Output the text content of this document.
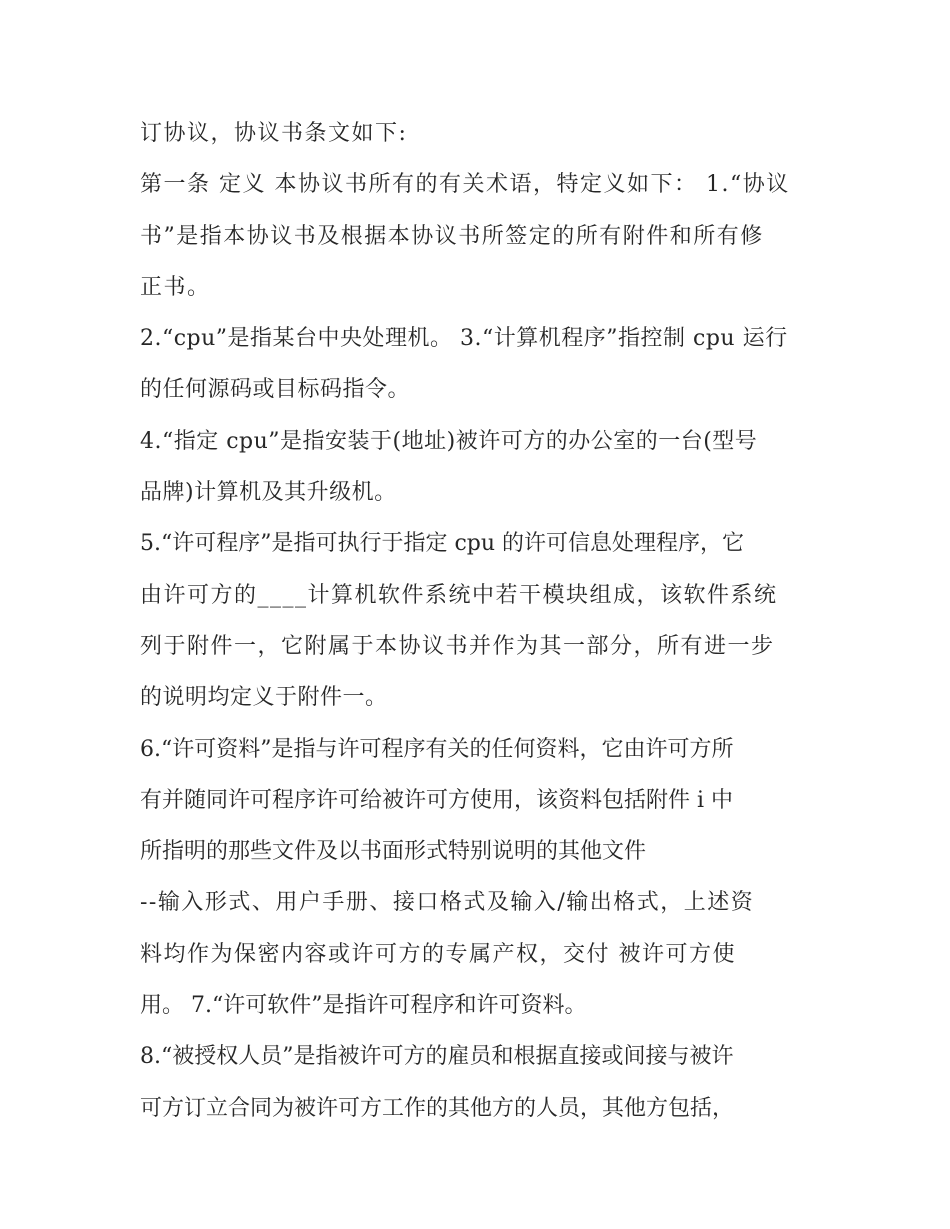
订协议，协议书条文如下:
第一条 定义 本协议书所有的有关术语，特定义如下： 1.“协议
书”是指本协议书及根据本协议书所签定的所有附件和所有修
正书。
2.“cpu”是指某台中央处理机。 3.“计算机程序”指控制 cpu 运行
的任何源码或目标码指令。
4.“指定 cpu”是指安装于(地址)被许可方的办公室的一台(型号
品牌)计算机及其升级机。
5.“许可程序”是指可执行于指定 cpu 的许可信息处理程序，它
由许可方的____计算机软件系统中若干模块组成，该软件系统
列于附件一，它附属于本协议书并作为其一部分，所有进一步
的说明均定义于附件一。
6.“许可资料”是指与许可程序有关的任何资料，它由许可方所
有并随同许可程序许可给被许可方使用，该资料包括附件 i 中
所指明的那些文件及以书面形式特别说明的其他文件
--输入形式、用户手册、接口格式及输入/输出格式，上述资
料均作为保密内容或许可方的专属产权，交付 被许可方使
用。 7.“许可软件”是指许可程序和许可资料。
8.“被授权人员”是指被许可方的雇员和根据直接或间接与被许
可方订立合同为被许可方工作的其他方的人员，其他方包括，
